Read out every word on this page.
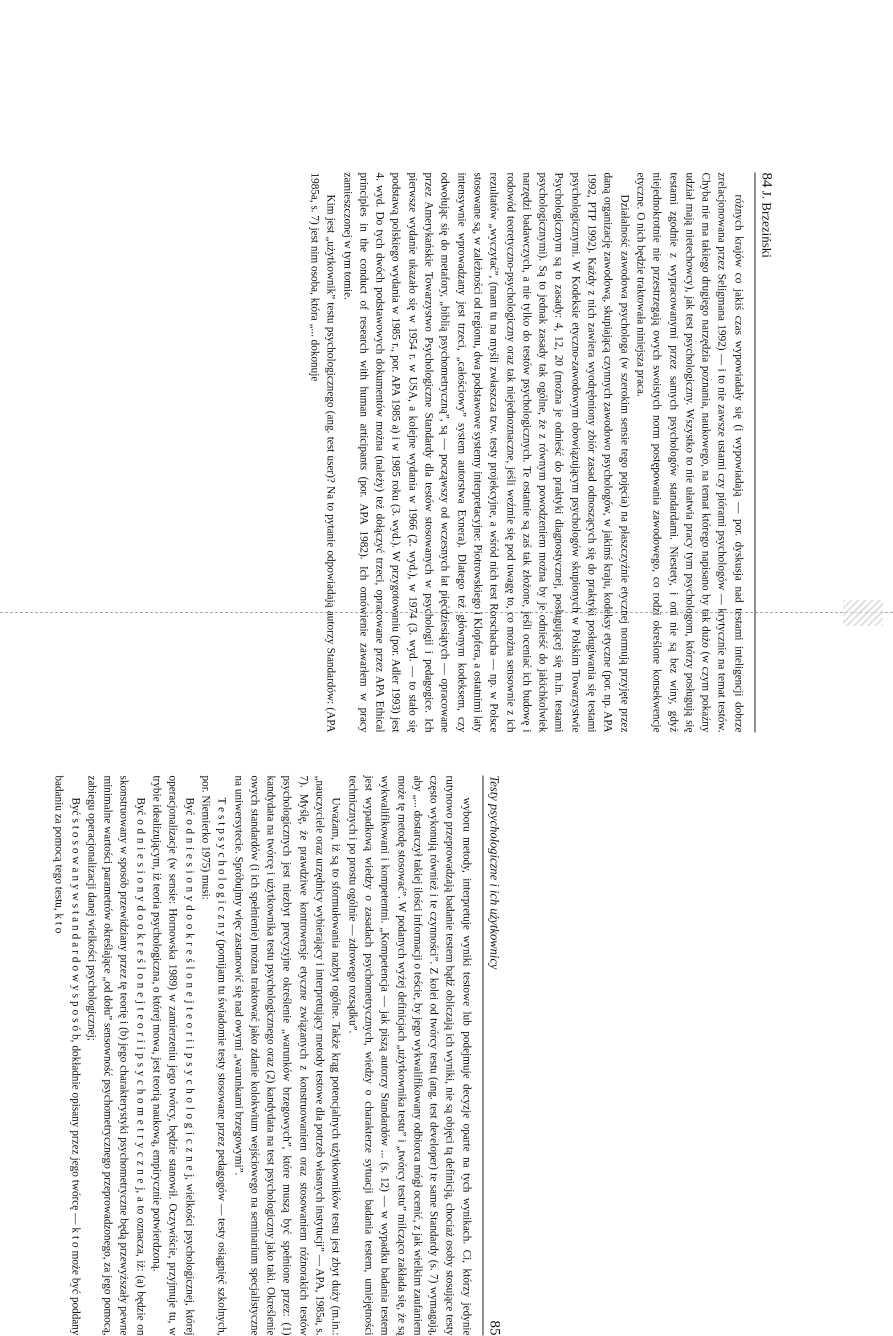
84 J. Brzeziński

różnych krajów co jakiś czas wypowiadały się (i wypowiadają — por. dyskusja nad testami inteligencji dobrze zrelacjonowana przez Seligmana 1992) — i to nie zawsze ustami czy piórami psychologów — krytycznie na temat testów. Chyba nie ma takiego drugiego narzędzia poznania, naukowego, na temat którego napisano by tak dużo (w czym pokaźny udział mają nietechowcy), jak test psychologiczny. Wszystko to nie ułatwia pracy tym psychologom, którzy posługują się testami zgodnie z wypracowanymi przez samych psychologów standardami. Niestety, i oni nie są bez winy, gdyż niejednokrotnie nie przestrzegają owych swoistych norm postępowania zawodowego, co rodzi określone konsekwencje etyczne. O nich będzie traktowała niniejsza praca.

Działalność zawodowa psychologa (w szerokim sensie tego pojęcia) na płaszczyźnie etycznej normują przyjęte przez daną organizację zawodową, skupiającą czynnych zawodowo psychologów, w jakimś kraju, kodeksy etyczne (por. np. APA 1992, PTP 1992). Każdy z nich zawiera wyodrębniony zbiór zasad odnoszących się do praktyki posługiwania się testami psychologicznymi. W Kodeksie etyczno-zawodowym obowiązującym psychologów skupionych w Polskim Towarzystwie Psychologicznym są to zasady: 4, 12, 20 (można je odnieść do praktyki diagnostycznej, posługującej się m.in. testami psychologicznymi). Są to jednak zasady tak ogólne, że z równym powodzeniem można by je odnieść do jakichkolwiek narzędzi badawczych, a nie tylko do testów psychologicznych. Te ostatnie są zaś tak złożone, jeśli oceniać ich budowę i rodowód teoretyczno-psychologiczny oraz tak niejednoznaczne, jeśli weźmie się pod uwagę to, co można sensownie z ich rezultatów „wyczytać”, (mam tu na myśli zwłaszcza tzw. testy projekcyjne, a wśród nich test Rorschacha — np. w Polsce stosowane są, w zależności od regionu, dwa podstawowe systemy interpretacyjne: Piotrowskiego i Klopfera, a ostatnimi laty intensywnie wprowadzany jest trzeci, „całościowy” system autorstwa Exnera). Dlatego też głównym kodeksem, czy odwołując się do metafory, „biblią psychometryczną”, są — począwszy od wczesnych lat pięćdziesiątych — opracowane przez Amerykańskie Towarzystwo Psychologiczne Standardy dla testów stosowanych w psychologii i pedagogice. Ich pierwsze wydanie ukazało się w 1954 r. w USA, a kolejne wydania w 1966 (2. wyd.), w 1974 (3. wyd. — to stało się podstawą polskiego wydania w 1985 r., por. APA 1985 a) i w 1985 roku (3. wyd.). W przygotowaniu (por. Adler 1993) jest 4. wyd. Do tych dwóch podstawowych dokumentów można (należy) też dołączyć trzeci, opracowane przez APA Ethical principles in the conduct of research with human articipants (por. APA 1982). Ich omówienie zawarłem w pracy zamieszczonej w tym tomie.

Kim jest „użytkownik” testu psychologicznego (ang. test user)? Na to pytanie odpowiadają autorzy Standardów: (APA 1985a, s. 7) jest nim osoba, która „... dokonuje

Testy psychologiczne i ich użytkownicy
85

wyboru metody, interpretuje wyniki testowe lub podejmuje decyzje oparte na tych wynikach. Ci, którzy jedynie rutynowo przeprowadzają badanie testem bądź obliczają ich wyniki, nie są objęci tą definicją, chociaż osoby stosujące testy często wykonują również i te czynności”. Z kolei od twórcy testu (ang. test developer) te same Standardy (s. 7) wymagają, aby „... dostarczył takiej ilości informacji o teście, by jego wykwalifikowany odbiorca mógł ocenić, z jak wielkim zaufaniem może tę metodę stosować”. W podanych wyżej definicjach „użytkownika testu” i „twórcy testu” milcząco zakłada się, że są wykwalifikowani i kompetentni. „Kompetencja — jak piszą autorzy Standardów ... (s. 12) — w wypadku badania testem jest wypadkową wiedzy o zasadach psychometrycznych, wiedzy o charakterze sytuacji badania testem, umiejętności technicznych i po prostu ogólnie — zdrowego rozsądku”.

Uważam, iż są to sformułowania nazbyt ogólne. Także krąg potencjalnych użytkowników testu jest zbyt duży (m.in.: „nauczyciele oraz urzędnicy wybierający i interpretujący metody testowe dla potrzeb własnych instytucji” — APA, 1985a, s. 7). Myślę, że prawdziwe kontrowersje etyczne związanych z konstruowaniem oraz stosowaniem różnorakich testów psychologicznych jest niezbyt precyzyjne określenie „warunków brzegowych”, które muszą być spełnione przez: (1) kandydata na twórcę i użytkownika testu psychologicznego oraz (2) kandydata na test psychologiczny jako taki. Określenie owych standardów (i ich spełnienie) można traktować jako zdanie kolokwium wejściowego na seminarium specjalistyczne na uniwersytecie. Spróbujmy więc zastanowić się nad owymi „warunkami brzegowymi”.

T e s t p s y c h o l o g i c z n y (pomijam tu świadomie testy stosowane przez pedagogów — testy osiągnięć szkolnych, por. Niemierko 1975) musi:

Być o d n i e s i o n y d o o k r e ś l o n e j t e o r i i p s y c h o l o g i c z n e j, wielkości psychologicznej, której operacjonalizacje (w sensie: Hornowska 1989) w zamierzeniu jego twórcy, będzie stanowił. Oczywiście, przyjmuje tu, w trybie idealizującym, iż teoria psychologiczna, o której mowa, jest teorią naukową, empirycznie potwierdzoną.

Być o d n i e s i o n y d o o k r e ś l o n e j t e o r i i p s y c h o m e t r y c z n e j, a to oznacza, iż: (a) będzie on skonstruowany w sposób przewidziany przez tę teorię i (b) jego charakterystyki psychometryczne będą przewyższały pewne minimalne wartości parametrów określające „od dołu” sensowność psychometrycznego przeprowadzonego, za jego pomocą, zabiegu operacjonalizacji danej wielkości psychologicznej;

Być s t o s o w a n y w s t a n d a r d o w y s p o s ó b, dokładnie opisany przez jego twórcę — k t o może być poddany badaniu za pomocą tego testu, k t o
